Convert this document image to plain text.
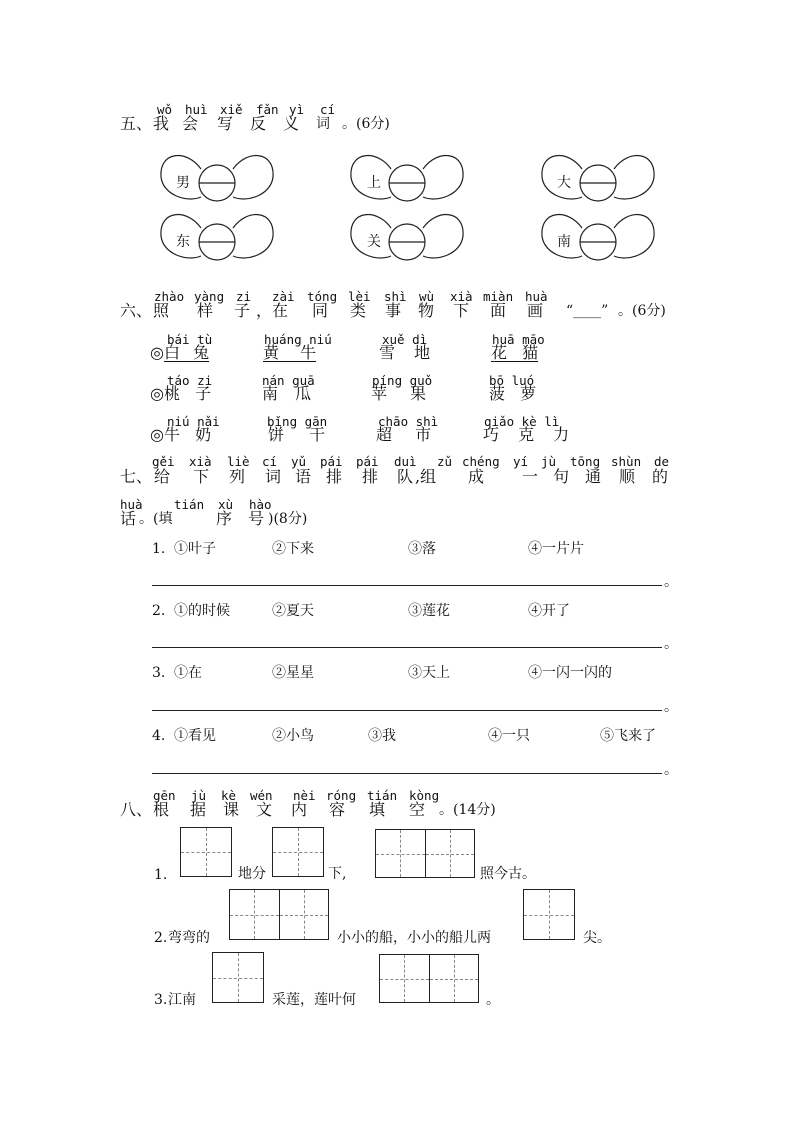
wǒ huì xiě fǎn yì cí
五、 我 会 写 反 义 词 。(6分)
男	上	大
东	关	南
zhào yàng zi zài tóng lèi shì wù xià miàn huà
六、 照 样 子 ，在 同 类 事 物 下 面 画 “____” 。(6分)
bái tù	huáng niú	xuě dì	huā māo
◎ 白 兔	黄 牛	雪 地	花 猫
táo zi	nán guā	píng guǒ	bō luó
◎ 桃 子	南 瓜	苹 果	菠 萝
niú nǎi	bǐng gān	chāo shì	qiǎo kè lì
◎ 牛 奶	饼 干	超 市	巧 克 力
gěi xià liè cí yǔ pái pái duì zǔ chéng yí jù tōng shùn de
七、 给 下 列 词 语 排 排 队 ,组 成 一 句 通 顺 的
huà	tián xù hào
话 。(填	序 号 )(8分)
1. ①叶子	②下来	③落	④一片片
。
2. ①的时候	②夏天	③莲花	④开了
。
3. ①在	②星星	③天上	④一闪一闪的
。
4. ①看见	②小鸟	③我	④一只	⑤飞来了
。
gēn jù kè wén nèi róng tián kòng
八、 根 据 课 文 内 容 填 空 。(14分)
1.	地分	下,	照今古。
2. 弯弯的	小小的船，小小的船儿两	尖。
3. 江南	采莲，莲叶何	。
